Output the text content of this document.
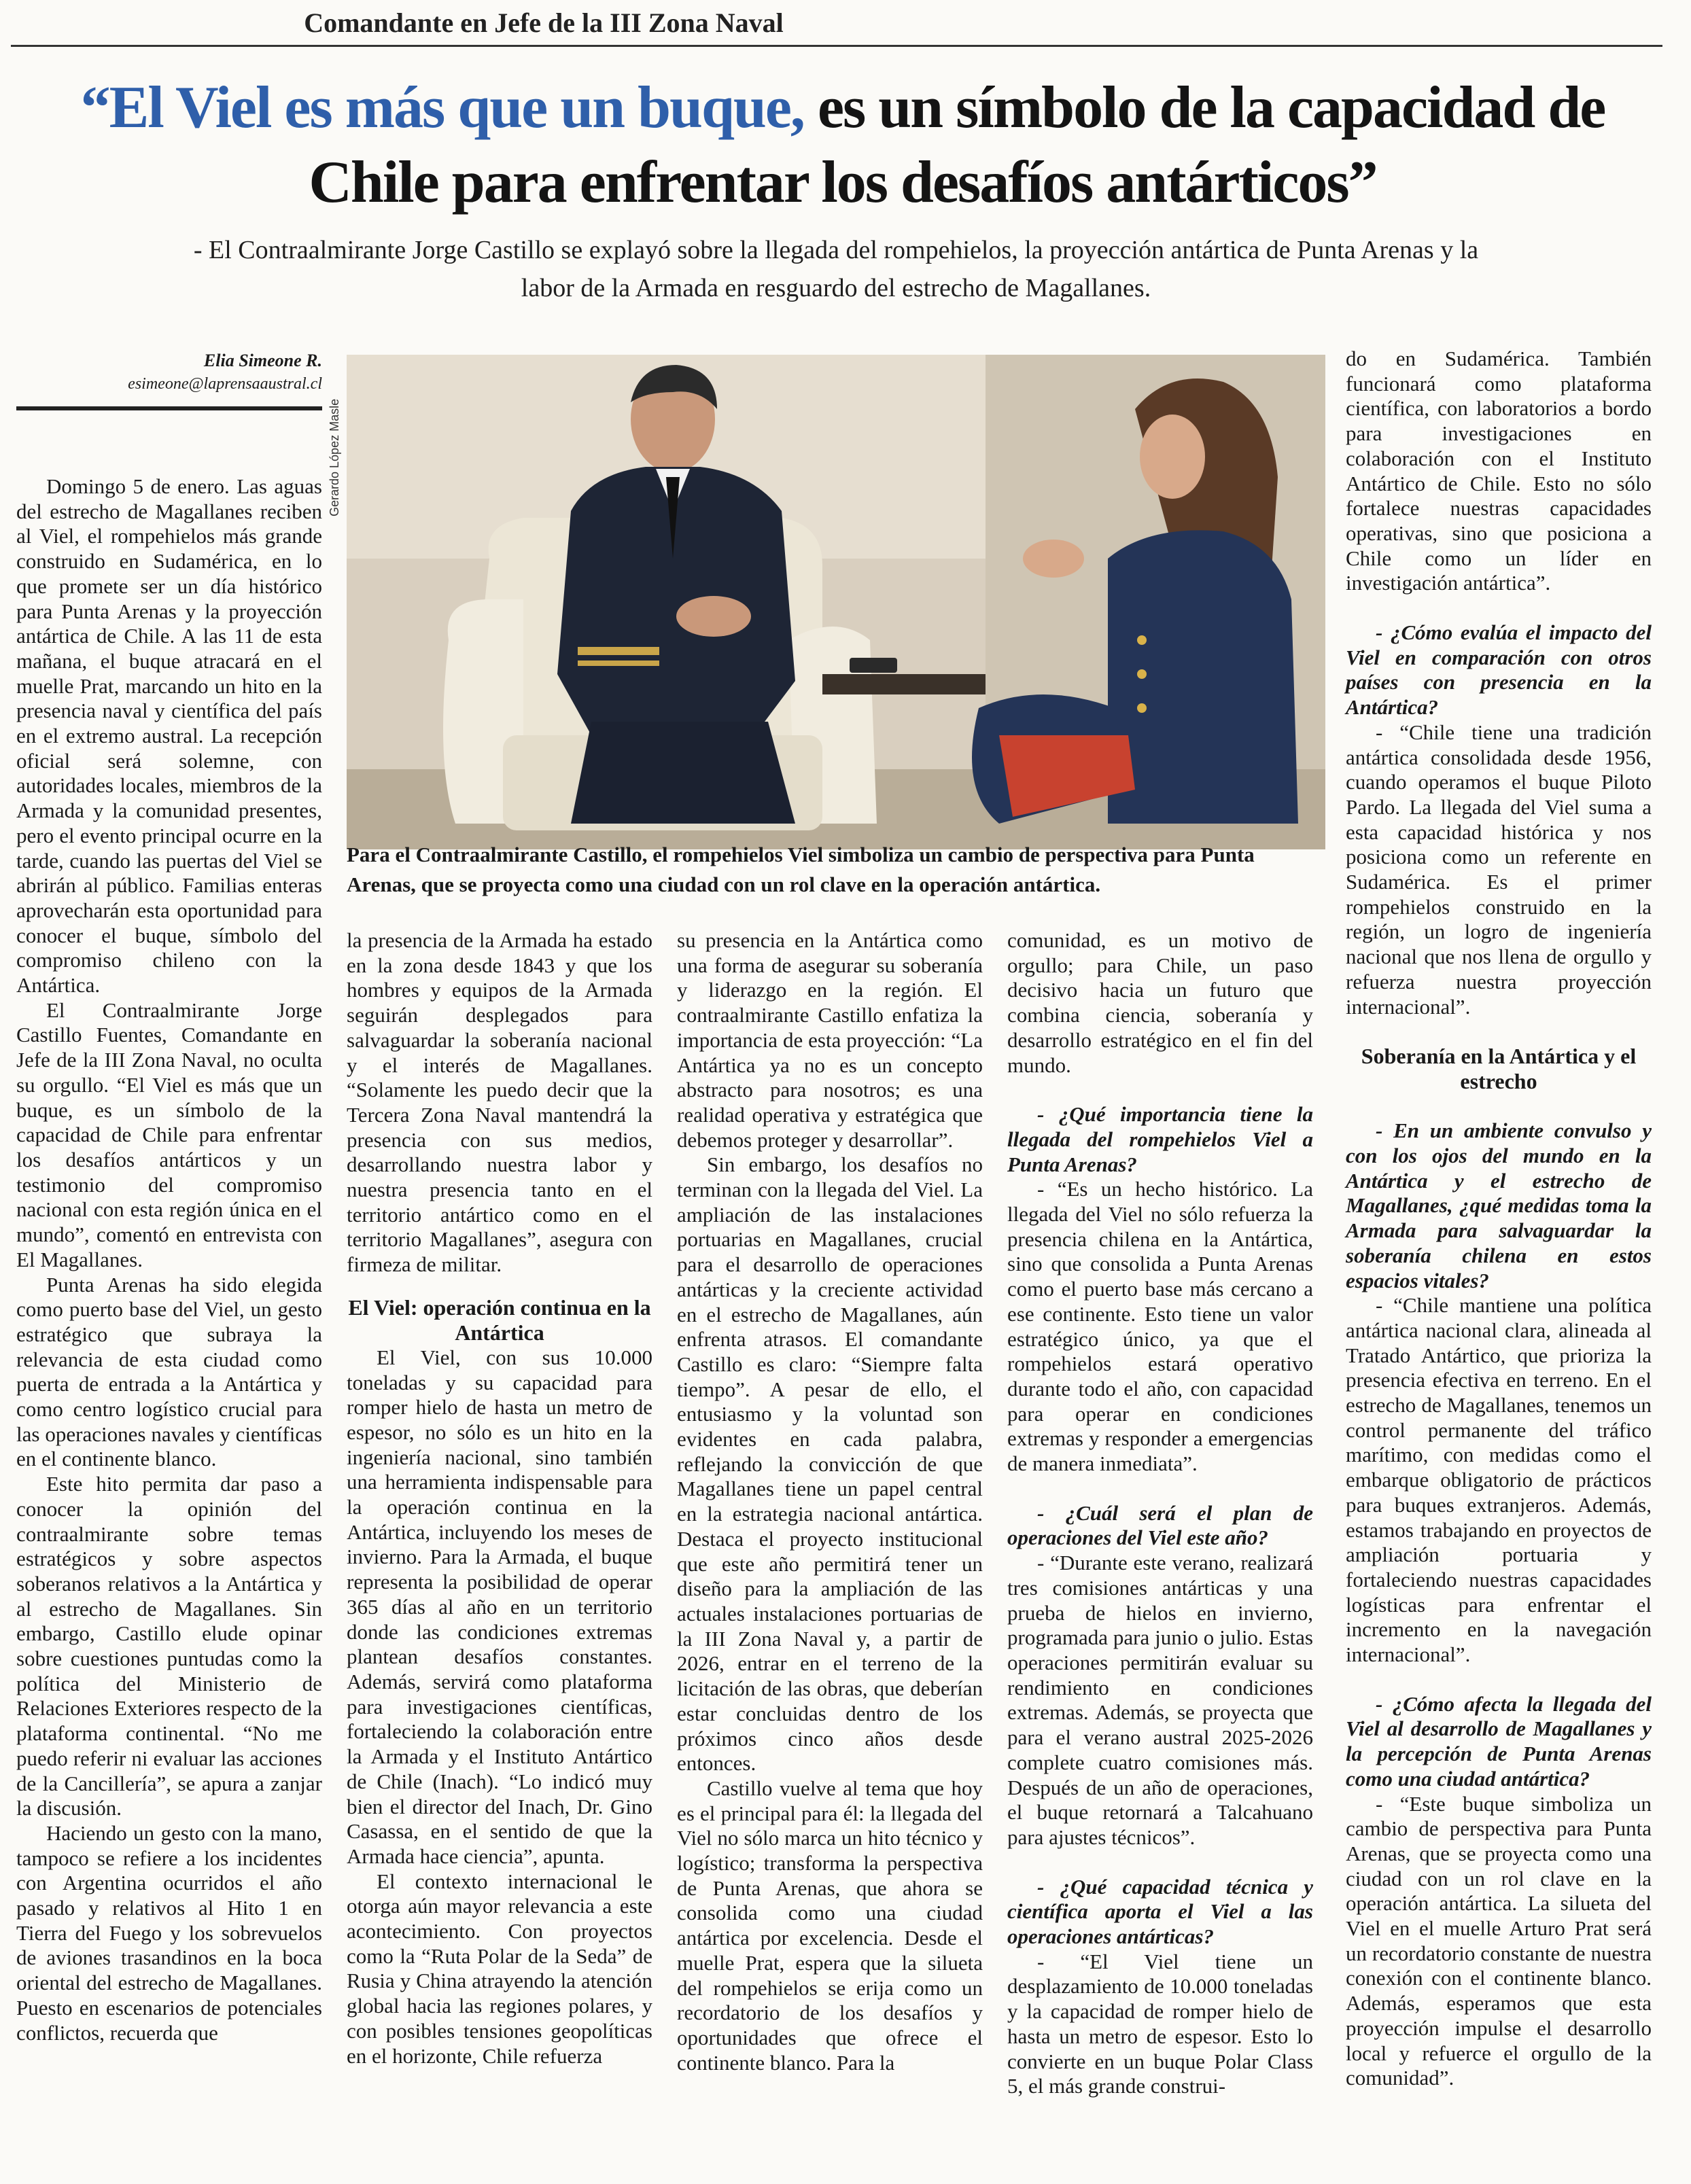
Comandante en Jefe de la III Zona Naval
“El Viel es más que un buque, es un símbolo de la capacidad de Chile para enfrentar los desafíos antárticos”
- El Contraalmirante Jorge Castillo se explayó sobre la llegada del rompehielos, la proyección antártica de Punta Arenas y la labor de la Armada en resguardo del estrecho de Magallanes.
Elia Simeone R.
esimeone@laprensaaustral.cl
Gerardo López Masle
Para el Contraalmirante Castillo, el rompehielos Viel simboliza un cambio de perspectiva para Punta Arenas, que se proyecta como una ciudad con un rol clave en la operación antártica.

Domingo 5 de enero. Las aguas del estrecho de Magallanes reciben al Viel, el rompehielos más grande construido en Sudamérica, en lo que promete ser un día histórico para Punta Arenas y la proyección antártica de Chile. A las 11 de esta mañana, el buque atracará en el muelle Prat, marcando un hito en la presencia naval y científica del país en el extremo austral. La recepción oficial será solemne, con autoridades locales, miembros de la Armada y la comunidad presentes, pero el evento principal ocurre en la tarde, cuando las puertas del Viel se abrirán al público. Familias enteras aprovecharán esta oportunidad para conocer el buque, símbolo del compromiso chileno con la Antártica.

El Contraalmirante Jorge Castillo Fuentes, Comandante en Jefe de la III Zona Naval, no oculta su orgullo. “El Viel es más que un buque, es un símbolo de la capacidad de Chile para enfrentar los desafíos antárticos y un testimonio del compromiso nacional con esta región única en el mundo”, comentó en entrevista con El Magallanes.

Punta Arenas ha sido elegida como puerto base del Viel, un gesto estratégico que subraya la relevancia de esta ciudad como puerta de entrada a la Antártica y como centro logístico crucial para las operaciones navales y científicas en el continente blanco.

Este hito permita dar paso a conocer la opinión del contraalmirante sobre temas estratégicos y sobre aspectos soberanos relativos a la Antártica y al estrecho de Magallanes. Sin embargo, Castillo elude opinar sobre cuestiones puntudas como la política del Ministerio de Relaciones Exteriores respecto de la plataforma continental. “No me puedo referir ni evaluar las acciones de la Cancillería”, se apura a zanjar la discusión.

Haciendo un gesto con la mano, tampoco se refiere a los incidentes con Argentina ocurridos el año pasado y relativos al Hito 1 en Tierra del Fuego y los sobrevuelos de aviones trasandinos en la boca oriental del estrecho de Magallanes. Puesto en escenarios de potenciales conflictos, recuerda que

la presencia de la Armada ha estado en la zona desde 1843 y que los hombres y equipos de la Armada seguirán desplegados para salvaguardar la soberanía nacional y el interés de Magallanes. “Solamente les puedo decir que la Tercera Zona Naval mantendrá la presencia con sus medios, desarrollando nuestra labor y nuestra presencia tanto en el territorio antártico como en el territorio Magallanes”, asegura con firmeza de militar.

El Viel: operación continua en la Antártica

El Viel, con sus 10.000 toneladas y su capacidad para romper hielo de hasta un metro de espesor, no sólo es un hito en la ingeniería nacional, sino también una herramienta indispensable para la operación continua en la Antártica, incluyendo los meses de invierno. Para la Armada, el buque representa la posibilidad de operar 365 días al año en un territorio donde las condiciones extremas plantean desafíos constantes. Además, servirá como plataforma para investigaciones científicas, fortaleciendo la colaboración entre la Armada y el Instituto Antártico de Chile (Inach). “Lo indicó muy bien el director del Inach, Dr. Gino Casassa, en el sentido de que la Armada hace ciencia”, apunta.

El contexto internacional le otorga aún mayor relevancia a este acontecimiento. Con proyectos como la “Ruta Polar de la Seda” de Rusia y China atrayendo la atención global hacia las regiones polares, y con posibles tensiones geopolíticas en el horizonte, Chile refuerza

su presencia en la Antártica como una forma de asegurar su soberanía y liderazgo en la región. El contraalmirante Castillo enfatiza la importancia de esta proyección: “La Antártica ya no es un concepto abstracto para nosotros; es una realidad operativa y estratégica que debemos proteger y desarrollar”.

Sin embargo, los desafíos no terminan con la llegada del Viel. La ampliación de las instalaciones portuarias en Magallanes, crucial para el desarrollo de operaciones antárticas y la creciente actividad en el estrecho de Magallanes, aún enfrenta atrasos. El comandante Castillo es claro: “Siempre falta tiempo”. A pesar de ello, el entusiasmo y la voluntad son evidentes en cada palabra, reflejando la convicción de que Magallanes tiene un papel central en la estrategia nacional antártica. Destaca el proyecto institucional que este año permitirá tener un diseño para la ampliación de las actuales instalaciones portuarias de la III Zona Naval y, a partir de 2026, entrar en el terreno de la licitación de las obras, que deberían estar concluidas dentro de los próximos cinco años desde entonces.

Castillo vuelve al tema que hoy es el principal para él: la llegada del Viel no sólo marca un hito técnico y logístico; transforma la perspectiva de Punta Arenas, que ahora se consolida como una ciudad antártica por excelencia. Desde el muelle Prat, espera que la silueta del rompehielos se erija como un recordatorio de los desafíos y oportunidades que ofrece el continente blanco. Para la

comunidad, es un motivo de orgullo; para Chile, un paso decisivo hacia un futuro que combina ciencia, soberanía y desarrollo estratégico en el fin del mundo.

- ¿Qué importancia tiene la llegada del rompehielos Viel a Punta Arenas?

- “Es un hecho histórico. La llegada del Viel no sólo refuerza la presencia chilena en la Antártica, sino que consolida a Punta Arenas como el puerto base más cercano a ese continente. Esto tiene un valor estratégico único, ya que el rompehielos estará operativo durante todo el año, con capacidad para operar en condiciones extremas y responder a emergencias de manera inmediata”.

- ¿Cuál será el plan de operaciones del Viel este año?

- “Durante este verano, realizará tres comisiones antárticas y una prueba de hielos en invierno, programada para junio o julio. Estas operaciones permitirán evaluar su rendimiento en condiciones extremas. Además, se proyecta que para el verano austral 2025-2026 complete cuatro comisiones más. Después de un año de operaciones, el buque retornará a Talcahuano para ajustes técnicos”.

- ¿Qué capacidad técnica y científica aporta el Viel a las operaciones antárticas?

- “El Viel tiene un desplazamiento de 10.000 toneladas y la capacidad de romper hielo de hasta un metro de espesor. Esto lo convierte en un buque Polar Class 5, el más grande construi-

do en Sudamérica. También funcionará como plataforma científica, con laboratorios a bordo para investigaciones en colaboración con el Instituto Antártico de Chile. Esto no sólo fortalece nuestras capacidades operativas, sino que posiciona a Chile como un líder en investigación antártica”.

- ¿Cómo evalúa el impacto del Viel en comparación con otros países con presencia en la Antártica?

- “Chile tiene una tradición antártica consolidada desde 1956, cuando operamos el buque Piloto Pardo. La llegada del Viel suma a esta capacidad histórica y nos posiciona como un referente en Sudamérica. Es el primer rompehielos construido en la región, un logro de ingeniería nacional que nos llena de orgullo y refuerza nuestra proyección internacional”.

Soberanía en la Antártica y el estrecho

- En un ambiente convulso y con los ojos del mundo en la Antártica y el estrecho de Magallanes, ¿qué medidas toma la Armada para salvaguardar la soberanía chilena en estos espacios vitales?

- “Chile mantiene una política antártica nacional clara, alineada al Tratado Antártico, que prioriza la presencia efectiva en terreno. En el estrecho de Magallanes, tenemos un control permanente del tráfico marítimo, con medidas como el embarque obligatorio de prácticos para buques extranjeros. Además, estamos trabajando en proyectos de ampliación portuaria y fortaleciendo nuestras capacidades logísticas para enfrentar el incremento en la navegación internacional”.

- ¿Cómo afecta la llegada del Viel al desarrollo de Magallanes y la percepción de Punta Arenas como una ciudad antártica?

- “Este buque simboliza un cambio de perspectiva para Punta Arenas, que se proyecta como una ciudad con un rol clave en la operación antártica. La silueta del Viel en el muelle Arturo Prat será un recordatorio constante de nuestra conexión con el continente blanco. Además, esperamos que esta proyección impulse el desarrollo local y refuerce el orgullo de la comunidad”.
